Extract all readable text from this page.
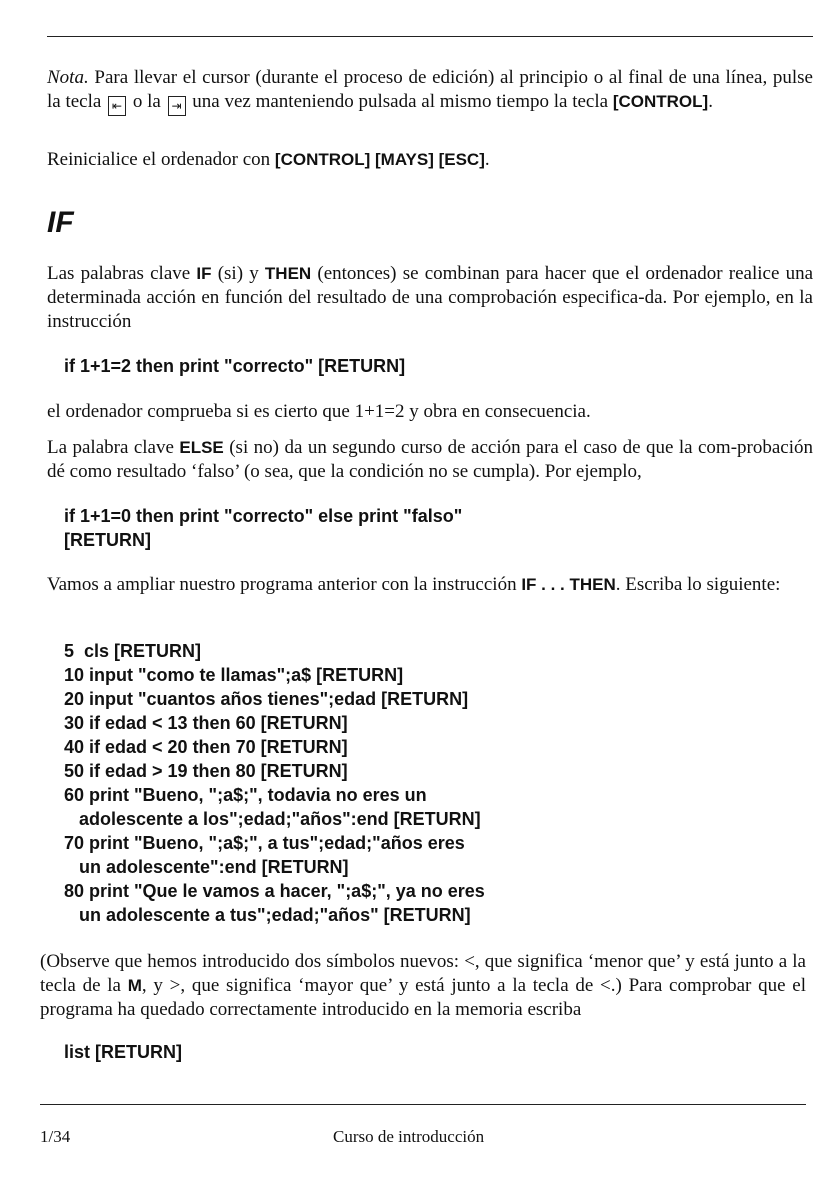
Nota. Para llevar el cursor (durante el proceso de edición) al principio o al final de una línea, pulse la tecla ⇤ o la ⇥ una vez manteniendo pulsada al mismo tiempo la tecla [CONTROL].

Reinicialice el ordenador con [CONTROL] [MAYS] [ESC].

IF

Las palabras clave IF (si) y THEN (entonces) se combinan para hacer que el ordenador realice una determinada acción en función del resultado de una comprobación especifica-da. Por ejemplo, en la instrucción

if 1+1=2 then print "correcto" [RETURN]

el ordenador comprueba si es cierto que 1+1=2 y obra en consecuencia.

La palabra clave ELSE (si no) da un segundo curso de acción para el caso de que la com-probación dé como resultado ‘falso’ (o sea, que la condición no se cumpla). Por ejemplo,

if 1+1=0 then print "correcto" else print "falso"
[RETURN]

Vamos a ampliar nuestro programa anterior con la instrucción IF . . . THEN. Escriba lo siguiente:

5  cls [RETURN]
10 input "como te llamas";a$ [RETURN]
20 input "cuantos años tienes";edad [RETURN]
30 if edad < 13 then 60 [RETURN]
40 if edad < 20 then 70 [RETURN]
50 if edad > 19 then 80 [RETURN]
60 print "Bueno, ";a$;", todavia no eres un
adolescente a los";edad;"años":end [RETURN]
70 print "Bueno, ";a$;", a tus";edad;"años eres
un adolescente":end [RETURN]
80 print "Que le vamos a hacer, ";a$;", ya no eres
un adolescente a tus";edad;"años" [RETURN]

(Observe que hemos introducido dos símbolos nuevos: <, que significa ‘menor que’ y está junto a la tecla de la M, y >, que significa ‘mayor que’ y está junto a la tecla de <.) Para comprobar que el programa ha quedado correctamente introducido en la memoria escriba

list [RETURN]

1/34	Curso de introducción
